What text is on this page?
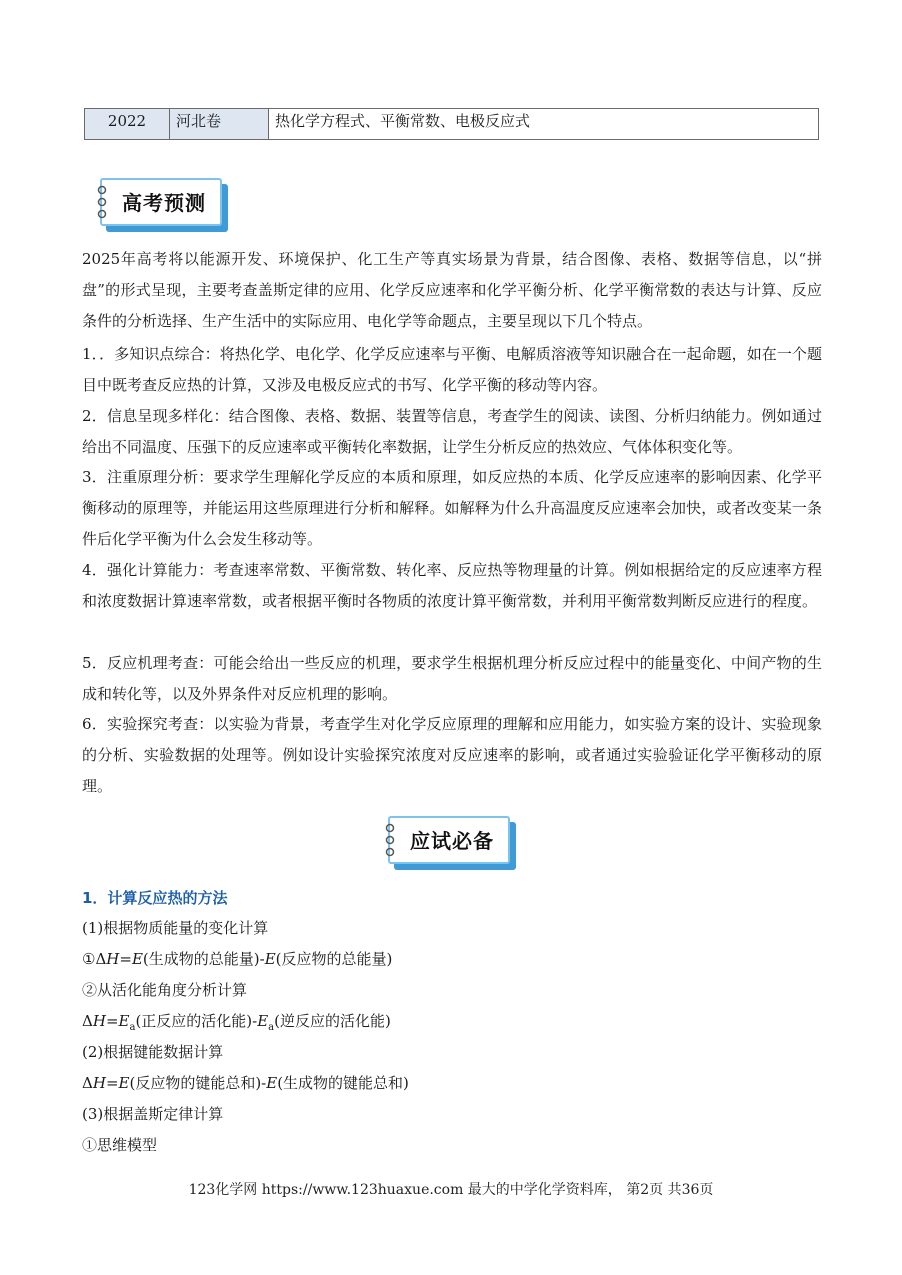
2022	河北卷	热化学方程式、平衡常数、电极反应式
高考预测

2025年高考将以能源开发、环境保护、化工生产等真实场景为背景，结合图像、表格、数据等信息，以“拼盘”的形式呈现，主要考查盖斯定律的应用、化学反应速率和化学平衡分析、化学平衡常数的表达与计算、反应条件的分析选择、生产生活中的实际应用、电化学等命题点，主要呈现以下几个特点。

1．．多知识点综合：将热化学、电化学、化学反应速率与平衡、电解质溶液等知识融合在一起命题，如在一个题目中既考查反应热的计算，又涉及电极反应式的书写、化学平衡的移动等内容。

2．信息呈现多样化：结合图像、表格、数据、装置等信息，考查学生的阅读、读图、分析归纳能力。例如通过给出不同温度、压强下的反应速率或平衡转化率数据，让学生分析反应的热效应、气体体积变化等。

3．注重原理分析：要求学生理解化学反应的本质和原理，如反应热的本质、化学反应速率的影响因素、化学平衡移动的原理等，并能运用这些原理进行分析和解释。如解释为什么升高温度反应速率会加快，或者改变某一条件后化学平衡为什么会发生移动等。

4．强化计算能力：考查速率常数、平衡常数、转化率、反应热等物理量的计算。例如根据给定的反应速率方程和浓度数据计算速率常数，或者根据平衡时各物质的浓度计算平衡常数，并利用平衡常数判断反应进行的程度。

5．反应机理考查：可能会给出一些反应的机理，要求学生根据机理分析反应过程中的能量变化、中间产物的生成和转化等，以及外界条件对反应机理的影响。

6．实验探究考查：以实验为背景，考查学生对化学反应原理的理解和应用能力，如实验方案的设计、实验现象的分析、实验数据的处理等。例如设计实验探究浓度对反应速率的影响，或者通过实验验证化学平衡移动的原理。

应试必备
1．计算反应热的方法
(1)根据物质能量的变化计算
①ΔH=E(生成物的总能量)-E(反应物的总能量)
②从活化能角度分析计算
$\Delta H=E_a$(正反应的活化能)$-E_a$(逆反应的活化能)
(2)根据键能数据计算
ΔH=E(反应物的键能总和)-E(生成物的键能总和)
(3)根据盖斯定律计算
①思维模型
123化学网 https://www.123huaxue.com 最大的中学化学资料库， 第2页 共36页
